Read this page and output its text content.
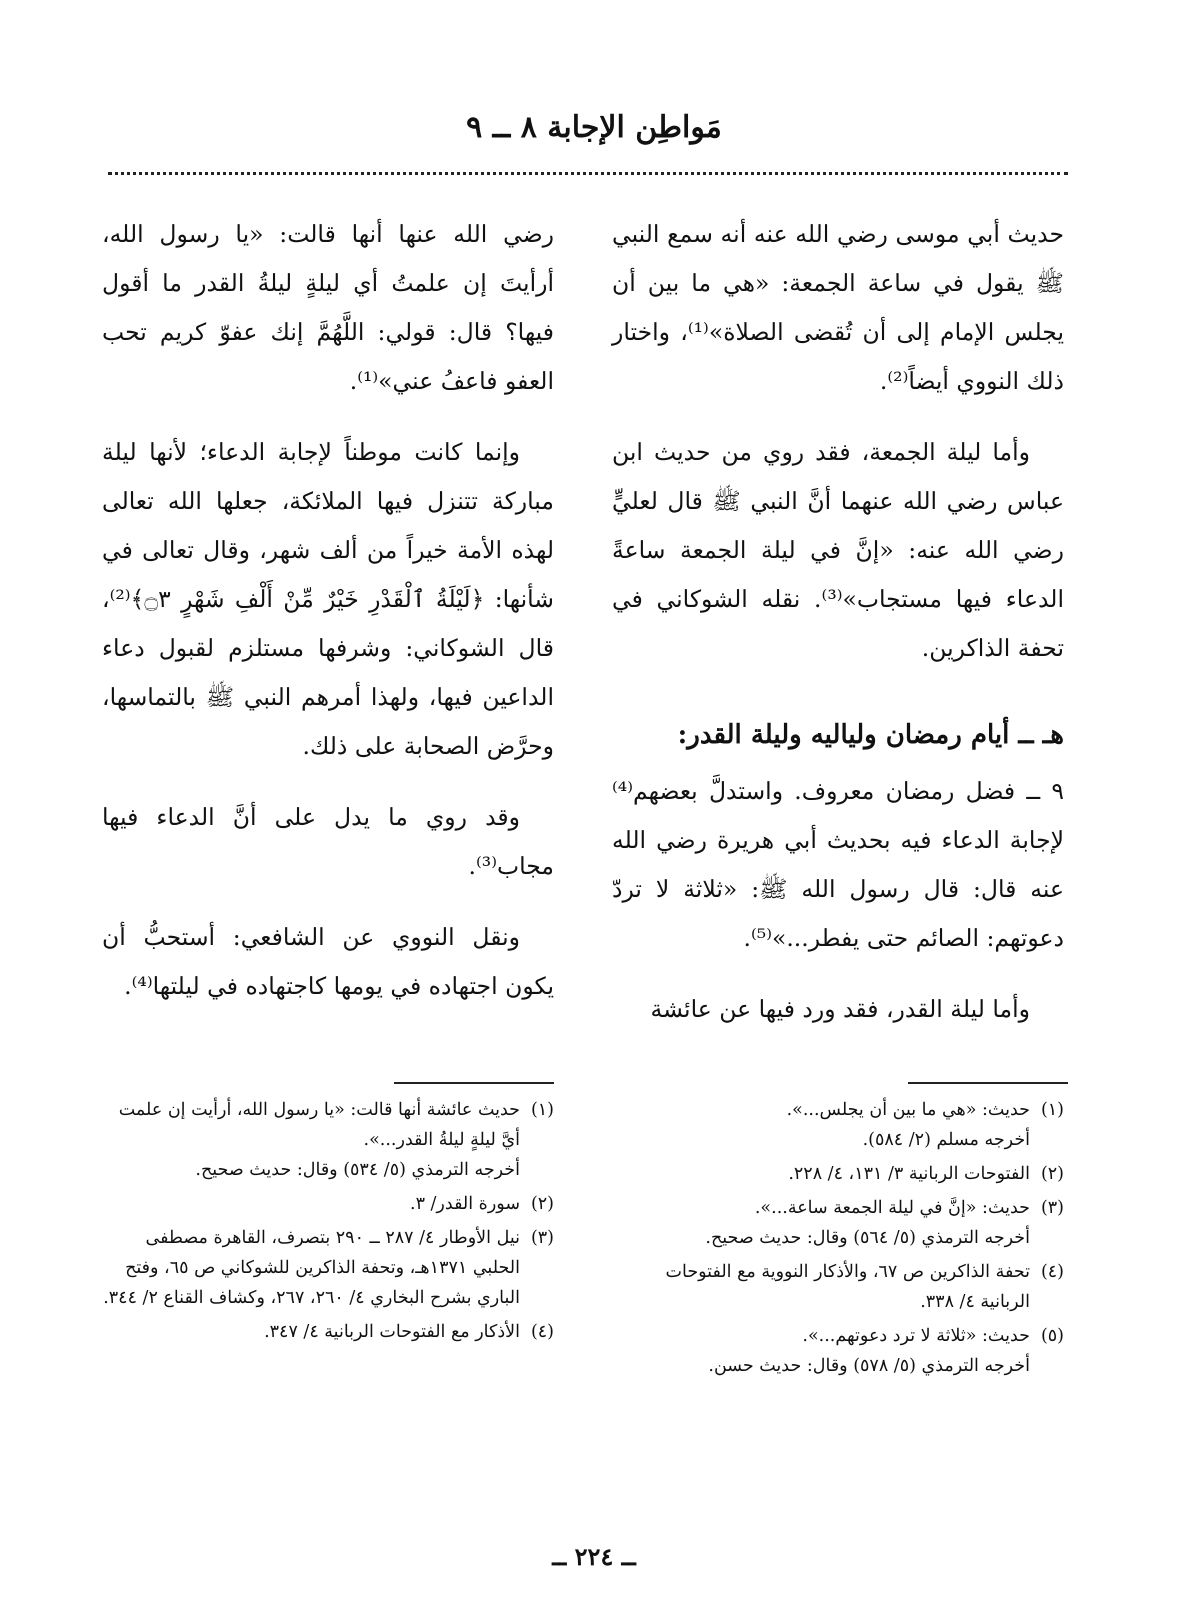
مَواطِن الإجابة ٨ ــ ٩

حديث أبي موسى رضي الله عنه أنه سمع النبي ﷺ يقول في ساعة الجمعة: «هي ما بين أن يجلس الإمام إلى أن تُقضى الصلاة»⁽¹⁾، واختار ذلك النووي أيضاً⁽²⁾.

وأما ليلة الجمعة، فقد روي من حديث ابن عباس رضي الله عنهما أنَّ النبي ﷺ قال لعليٍّ رضي الله عنه: «إنَّ في ليلة الجمعة ساعةً الدعاء فيها مستجاب»⁽³⁾. نقله الشوكاني في تحفة الذاكرين.

هـ ــ أيام رمضان ولياليه وليلة القدر:

٩ ــ فضل رمضان معروف. واستدلَّ بعضهم⁽⁴⁾ لإجابة الدعاء فيه بحديث أبي هريرة رضي الله عنه قال: قال رسول الله ﷺ: «ثلاثة لا تردّ دعوتهم: الصائم حتى يفطر...»⁽⁵⁾.

وأما ليلة القدر، فقد ورد فيها عن عائشة

رضي الله عنها أنها قالت: «يا رسول الله، أرأيتَ إن علمتُ أي ليلةٍ ليلةُ القدر ما أقول فيها؟ قال: قولي: اللَّهُمَّ إنك عفوّ كريم تحب العفو فاعفُ عني»⁽¹⁾.

وإنما كانت موطناً لإجابة الدعاء؛ لأنها ليلة مباركة تتنزل فيها الملائكة، جعلها الله تعالى لهذه الأمة خيراً من ألف شهر، وقال تعالى في شأنها: ﴿لَيْلَةُ ٱلْقَدْرِ خَيْرٌ مِّنْ أَلْفِ شَهْرٍ ۝٣﴾⁽²⁾، قال الشوكاني: وشرفها مستلزم لقبول دعاء الداعين فيها، ولهذا أمرهم النبي ﷺ بالتماسها، وحرَّض الصحابة على ذلك.

وقد روي ما يدل على أنَّ الدعاء فيها مجاب⁽³⁾.

ونقل النووي عن الشافعي: أستحبُّ أن يكون اجتهاده في يومها كاجتهاده في ليلتها⁽⁴⁾.

(١)
حديث: «هي ما بين أن يجلس...».
أخرجه مسلم (٢/ ٥٨٤).
(٢)
الفتوحات الربانية ٣/ ١٣١، ٤/ ٢٢٨.
(٣)
حديث: «إنَّ في ليلة الجمعة ساعة...».
أخرجه الترمذي (٥/ ٥٦٤) وقال: حديث صحيح.
(٤)
تحفة الذاكرين ص ٦٧، والأذكار النووية مع الفتوحات الربانية ٤/ ٣٣٨.
(٥)
حديث: «ثلاثة لا ترد دعوتهم...».
أخرجه الترمذي (٥/ ٥٧٨) وقال: حديث حسن.
(١)
حديث عائشة أنها قالت: «يا رسول الله، أرأيت إن علمت أيَّ ليلةٍ ليلةُ القدر...».
أخرجه الترمذي (٥/ ٥٣٤) وقال: حديث صحيح.
(٢)
سورة القدر/ ٣.
(٣)
نيل الأوطار ٤/ ٢٨٧ ــ ٢٩٠ بتصرف، القاهرة مصطفى الحلبي ١٣٧١هـ، وتحفة الذاكرين للشوكاني ص ٦٥، وفتح الباري بشرح البخاري ٤/ ٢٦٠، ٢٦٧، وكشاف القناع ٢/ ٣٤٤.
(٤)
الأذكار مع الفتوحات الربانية ٤/ ٣٤٧.
ــ ٢٢٤ ــ
